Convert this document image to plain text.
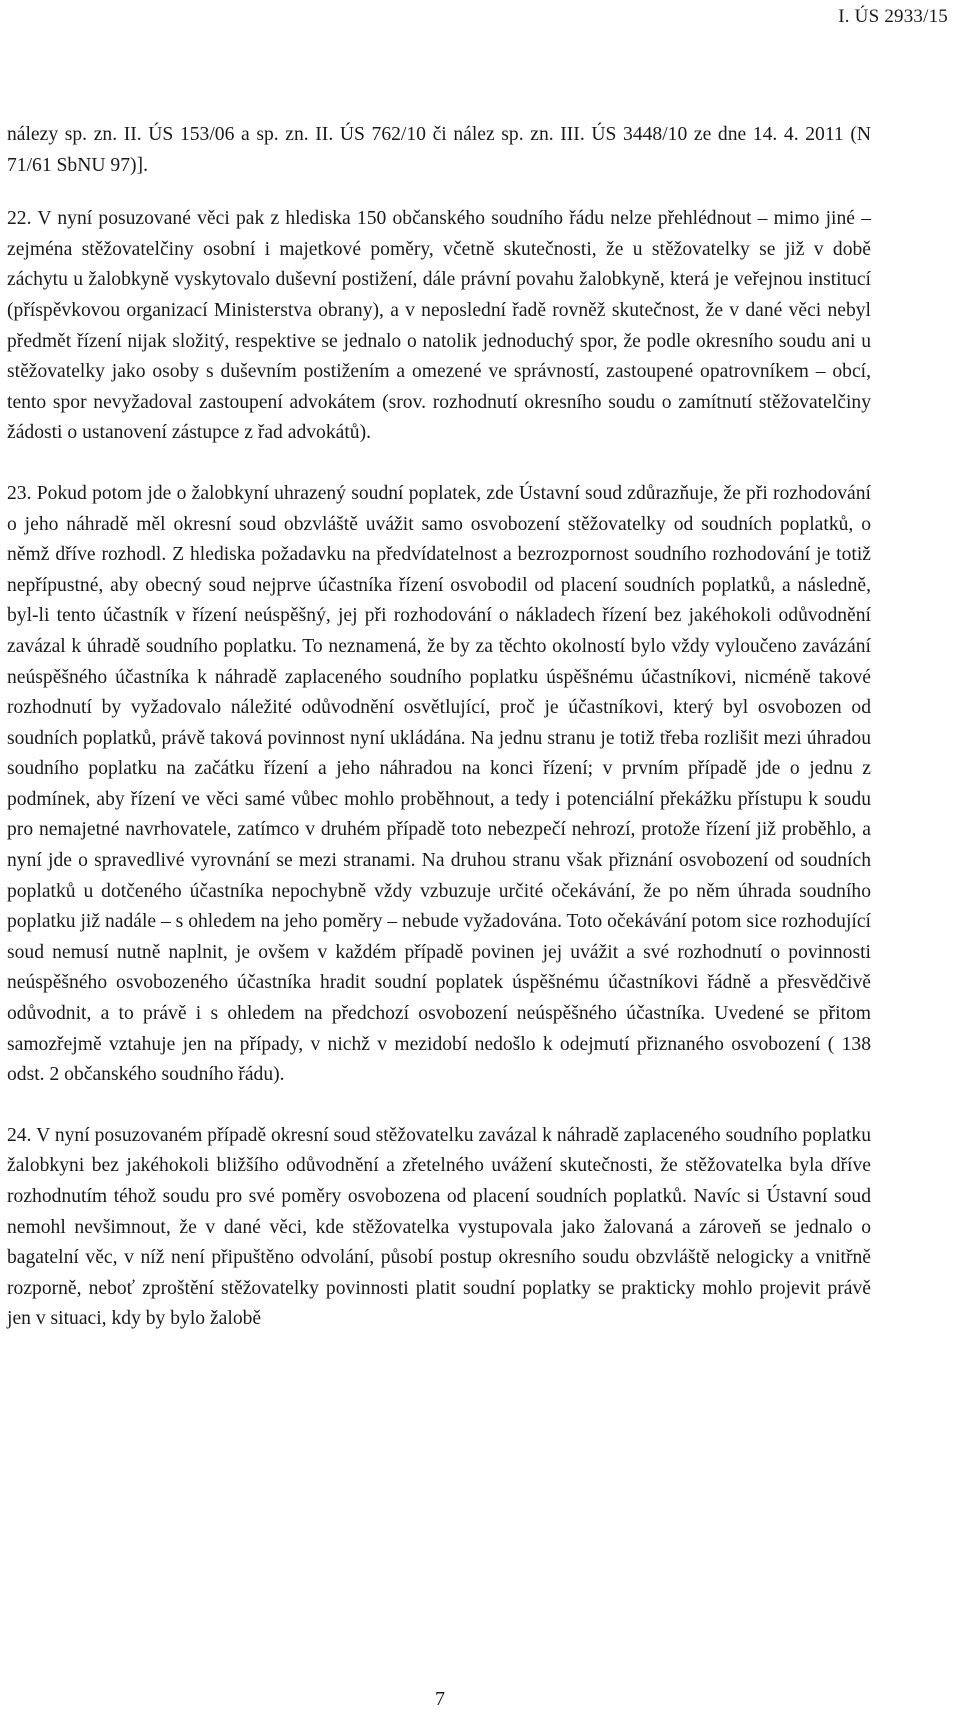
I. ÚS 2933/15

nálezy sp. zn. II. ÚS 153/06 a sp. zn. II. ÚS 762/10 či nález sp. zn. III. ÚS 3448/10 ze dne 14. 4. 2011 (N 71/61 SbNU 97)].

22. V nyní posuzované věci pak z hlediska 150 občanského soudního řádu nelze přehlédnout – mimo jiné – zejména stěžovatelčiny osobní i majetkové poměry, včetně skutečnosti, že u stěžovatelky se již v době záchytu u žalobkyně vyskytovalo duševní postižení, dále právní povahu žalobkyně, která je veřejnou institucí (příspěvkovou organizací Ministerstva obrany), a v neposlední řadě rovněž skutečnost, že v dané věci nebyl předmět řízení nijak složitý, respektive se jednalo o natolik jednoduchý spor, že podle okresního soudu ani u stěžovatelky jako osoby s duševním postižením a omezené ve správností, zastoupené opatrovníkem – obcí, tento spor nevyžadoval zastoupení advokátem (srov. rozhodnutí okresního soudu o zamítnutí stěžovatelčiny žádosti o ustanovení zástupce z řad advokátů).

23. Pokud potom jde o žalobkyní uhrazený soudní poplatek, zde Ústavní soud zdůrazňuje, že při rozhodování o jeho náhradě měl okresní soud obzvláště uvážit samo osvobození stěžovatelky od soudních poplatků, o němž dříve rozhodl. Z hlediska požadavku na předvídatelnost a bezrozpornost soudního rozhodování je totiž nepřípustné, aby obecný soud nejprve účastníka řízení osvobodil od placení soudních poplatků, a následně, byl-li tento účastník v řízení neúspěšný, jej při rozhodování o nákladech řízení bez jakéhokoli odůvodnění zavázal k úhradě soudního poplatku. To neznamená, že by za těchto okolností bylo vždy vyloučeno zavázání neúspěšného účastníka k náhradě zaplaceného soudního poplatku úspěšnému účastníkovi, nicméně takové rozhodnutí by vyžadovalo náležité odůvodnění osvětlující, proč je účastníkovi, který byl osvobozen od soudních poplatků, právě taková povinnost nyní ukládána. Na jednu stranu je totiž třeba rozlišit mezi úhradou soudního poplatku na začátku řízení a jeho náhradou na konci řízení; v prvním případě jde o jednu z podmínek, aby řízení ve věci samé vůbec mohlo proběhnout, a tedy i potenciální překážku přístupu k soudu pro nemajetné navrhovatele, zatímco v druhém případě toto nebezpečí nehrozí, protože řízení již proběhlo, a nyní jde o spravedlivé vyrovnání se mezi stranami. Na druhou stranu však přiznání osvobození od soudních poplatků u dotčeného účastníka nepochybně vždy vzbuzuje určité očekávání, že po něm úhrada soudního poplatku již nadále – s ohledem na jeho poměry – nebude vyžadována. Toto očekávání potom sice rozhodující soud nemusí nutně naplnit, je ovšem v každém případě povinen jej uvážit a své rozhodnutí o povinnosti neúspěšného osvobozeného účastníka hradit soudní poplatek úspěšnému účastníkovi řádně a přesvědčivě odůvodnit, a to právě i s ohledem na předchozí osvobození neúspěšného účastníka. Uvedené se přitom samozřejmě vztahuje jen na případy, v nichž v mezidobí nedošlo k odejmutí přiznaného osvobození ( 138 odst. 2 občanského soudního řádu).

24. V nyní posuzovaném případě okresní soud stěžovatelku zavázal k náhradě zaplaceného soudního poplatku žalobkyni bez jakéhokoli bližšího odůvodnění a zřetelného uvážení skutečnosti, že stěžovatelka byla dříve rozhodnutím téhož soudu pro své poměry osvobozena od placení soudních poplatků. Navíc si Ústavní soud nemohl nevšimnout, že v dané věci, kde stěžovatelka vystupovala jako žalovaná a zároveň se jednalo o bagatelní věc, v níž není připuštěno odvolání, působí postup okresního soudu obzvláště nelogicky a vnitřně rozporně, neboť zproštění stěžovatelky povinnosti platit soudní poplatky se prakticky mohlo projevit právě jen v situaci, kdy by bylo žalobě

7
